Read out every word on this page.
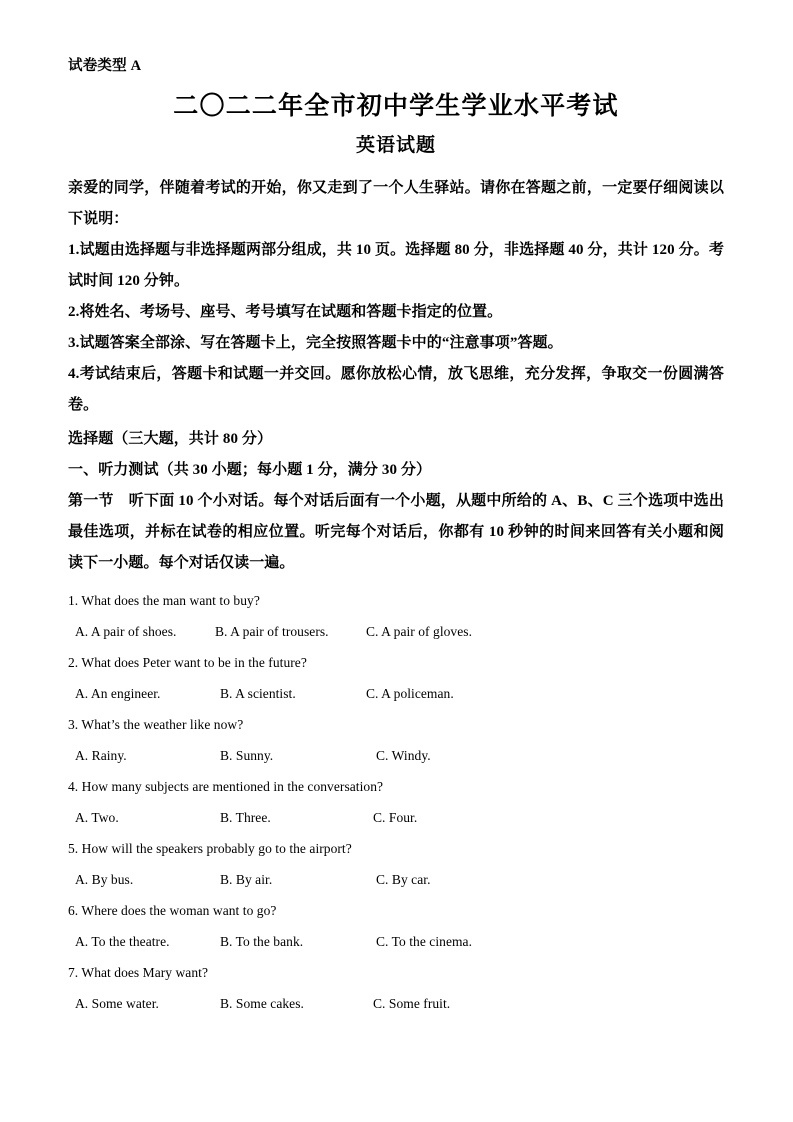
试卷类型 A
二〇二二年全市初中学生学业水平考试
英语试题

亲爱的同学，伴随着考试的开始，你又走到了一个人生驿站。请你在答题之前，一定要仔细阅读以下说明：

1.试题由选择题与非选择题两部分组成，共 10 页。选择题 80 分，非选择题 40 分，共计 120 分。考试时间 120 分钟。

2.将姓名、考场号、座号、考号填写在试题和答题卡指定的位置。

3.试题答案全部涂、写在答题卡上，完全按照答题卡中的“注意事项”答题。

4.考试结束后，答题卡和试题一并交回。愿你放松心情，放飞思维，充分发挥，争取交一份圆满答卷。

选择题（三大题，共计 80 分）

一、听力测试（共 30 小题；每小题 1 分，满分 30 分）

第一节　听下面 10 个小对话。每个对话后面有一个小题，从题中所给的 A、B、C 三个选项中选出最佳选项，并标在试卷的相应位置。听完每个对话后，你都有 10 秒钟的时间来回答有关小题和阅读下一小题。每个对话仅读一遍。

1. What does the man want to buy?

A. A pair of shoes.	B. A pair of trousers.	C. A pair of gloves.

2. What does Peter want to be in the future?

A. An engineer.	B. A scientist.	C. A policeman.

3. What’s the weather like now?

A. Rainy.	B. Sunny.	C. Windy.

4. How many subjects are mentioned in the conversation?

A. Two.	B. Three.	C. Four.

5. How will the speakers probably go to the airport?

A. By bus.	B. By air.	C. By car.

6. Where does the woman want to go?

A. To the theatre.	B. To the bank.	C. To the cinema.

7. What does Mary want?

A. Some water.	B. Some cakes.	C. Some fruit.
